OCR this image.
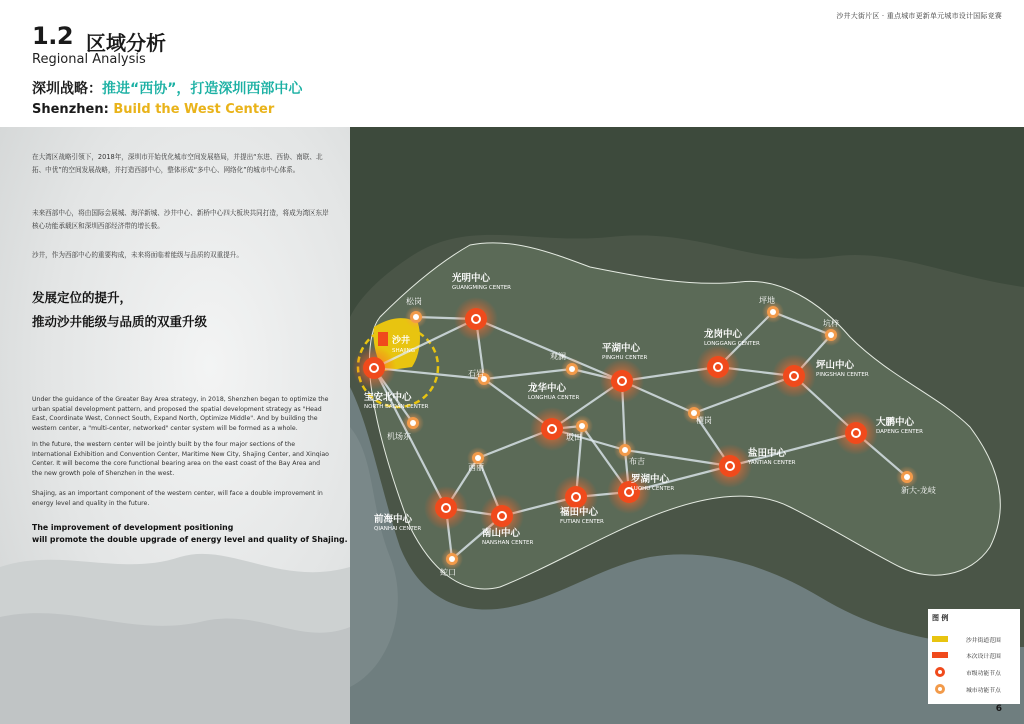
沙井大街片区 · 重点城市更新单元城市设计国际竞赛
1.2 区域分析
Regional Analysis
深圳战略：推进“西协”，打造深圳西部中心
Shenzhen: Build the West Center
在大湾区战略引领下，2018年，深圳市开始优化城市空间发展格局，并提出“东进、西协、南联、北拓、中优”的空间发展战略，并打造西部中心，整体形成“多中心、网络化”的城市中心体系。
未来西部中心，将由国际会展城、海洋新城、沙井中心、新桥中心四大板块共同打造，将成为湾区东岸核心功能承载区和深圳西部经济带的增长极。
沙井，作为西部中心的重要构成，未来将面临着能级与品质的双重提升。
发展定位的提升，
推动沙井能级与品质的双重升级
Under the guidance of the Greater Bay Area strategy, in 2018, Shenzhen began to optimize the urban spatial development pattern, and proposed the spatial development strategy as "Head East, Coordinate West, Connect South, Expand North, Optimize Middle". And by building the western center, a "multi-center, networked" center system will be formed as a whole.
In the future, the western center will be jointly built by the four major sections of the International Exhibition and Convention Center, Maritime New City, Shajing Center, and Xinqiao Center. It will become the core functional bearing area on the east coast of the Bay Area and the new growth pole of Shenzhen in the west.
Shajing, as an important component of the western center, will face a double improvement in energy level and quality in the future.
The improvement of development positioning
will promote the double upgrade of energy level and quality of Shajing.
光明中心
GUANGMING CENTER
宝安北中心
NORTH BAOAN CENTER
平湖中心
PINGHU CENTER
龙岗中心
LONGGANG CENTER
坪山中心
PINGSHAN CENTER
龙华中心
LONGHUA CENTER
大鹏中心
DAPENG CENTER
盐田中心
YANTIAN CENTER
罗湖中心
LUOHU CENTER
福田中心
FUTIAN CENTER
前海中心
QIANHAI CENTER	南山中心
NANSHAN CENTER
松岗
石岩
观澜
坪地
坑梓
机场东
横岗
坂田
西丽
布吉
新大-龙岐
蛇口
沙井
SHAJING
图 例
沙井街道范围
本次设计范围
市级功能节点
城市功能节点
6
